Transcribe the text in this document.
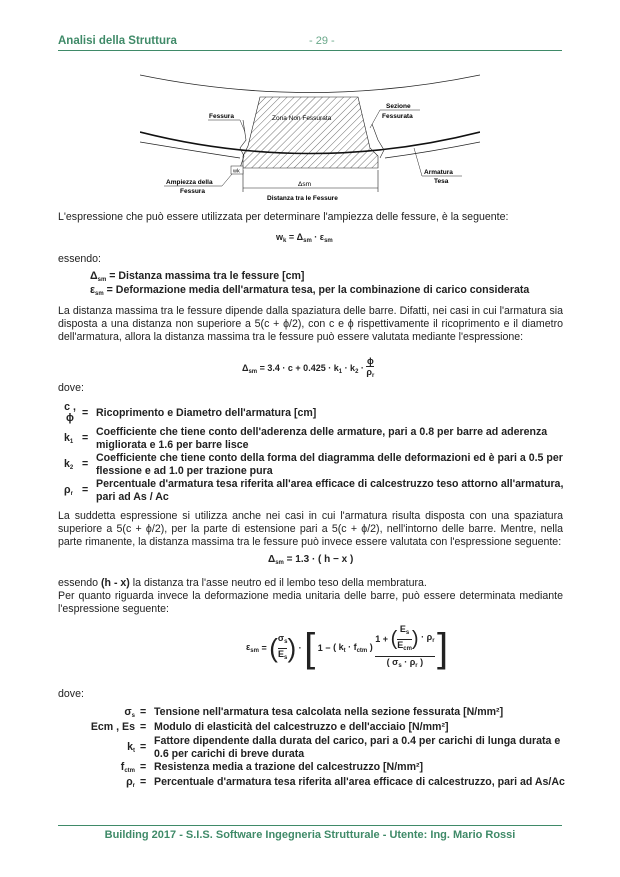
Analisi della Struttura	- 29 -
Δsm
Distanza tra le Fessure
Fessura	Zona Non Fessurata
Sezione
Fessurata
wk
Ampiezza della
Fessura
Armatura
Tesa
L'espressione che può essere utilizzata per determinare l'ampiezza delle fessure, è la seguente:
$w_k = \Delta_{sm} \cdot \varepsilon_{sm}$
essendo:
$\Delta_{sm}$ = Distanza massima tra le fessure [cm]
$\varepsilon_{sm}$ = Deformazione media dell'armatura tesa, per la combinazione di carico considerata
La distanza massima tra le fessure dipende dalla spaziatura delle barre. Difatti, nei casi in cui l'armatura sia disposta a una distanza non superiore a 5(c + ϕ/2), con c e ϕ rispettivamente il ricoprimento e il diametro dell'armatura, allora la distanza massima tra le fessure può essere valutata mediante l'espressione:
$\Delta_{sm} = 3.4 \cdot c + 0.425 \cdot k_1 \cdot k_2 \cdot \frac{\phi}{\rho_r}$
dove:
c , ϕ = Ricoprimento e Diametro dell'armatura [cm]
$k_1$ = Coefficiente che tiene conto dell'aderenza delle armature, pari a 0.8 per barre ad aderenza migliorata e 1.6 per barre lisce
$k_2$ = Coefficiente che tiene conto della forma del diagramma delle deformazioni ed è pari a 0.5 per flessione e ad 1.0 per trazione pura
$\rho_r$ = Percentuale d'armatura tesa riferita all'area efficace di calcestruzzo teso attorno all'armatura, pari ad As / Ac
La suddetta espressione si utilizza anche nei casi in cui l'armatura risulta disposta con una spaziatura superiore a 5(c + ϕ/2), per la parte di estensione pari a 5(c + ϕ/2), nell'intorno delle barre. Mentre, nella parte rimanente, la distanza massima tra le fessure può invece essere valutata con l'espressione seguente:
$\Delta_{sm} = 1.3$ · ( h − x )
essendo (h - x) la distanza tra l'asse neutro ed il lembo teso della membratura.
Per quanto riguarda invece la deformazione media unitaria delle barre, può essere determinata mediante l'espressione seguente:
$\varepsilon_{sm}$ = ( $\frac{\sigma_s}{E_s}$ ) · [ 1 − ( $k_t \cdot f_{ctm}$ )
1 + ( $E_s$
$E_{cm}$ ) · $\rho_r$
( $\sigma_s \cdot \rho_r$ ) ]
dove:
$\sigma_s$ = Tensione nell'armatura tesa calcolata nella sezione fessurata [N/mm²]
Ecm , Es = Modulo di elasticità del calcestruzzo e dell'acciaio [N/mm²]
$k_t$ = Fattore dipendente dalla durata del carico, pari a 0.4 per carichi di lunga durata e 0.6 per carichi di breve durata
$f_{ctm}$ = Resistenza media a trazione del calcestruzzo [N/mm²]
$\rho_r$ = Percentuale d'armatura tesa riferita all'area efficace di calcestruzzo, pari ad As/Ac
Building 2017 - S.I.S. Software Ingegneria Strutturale - Utente: Ing. Mario Rossi
